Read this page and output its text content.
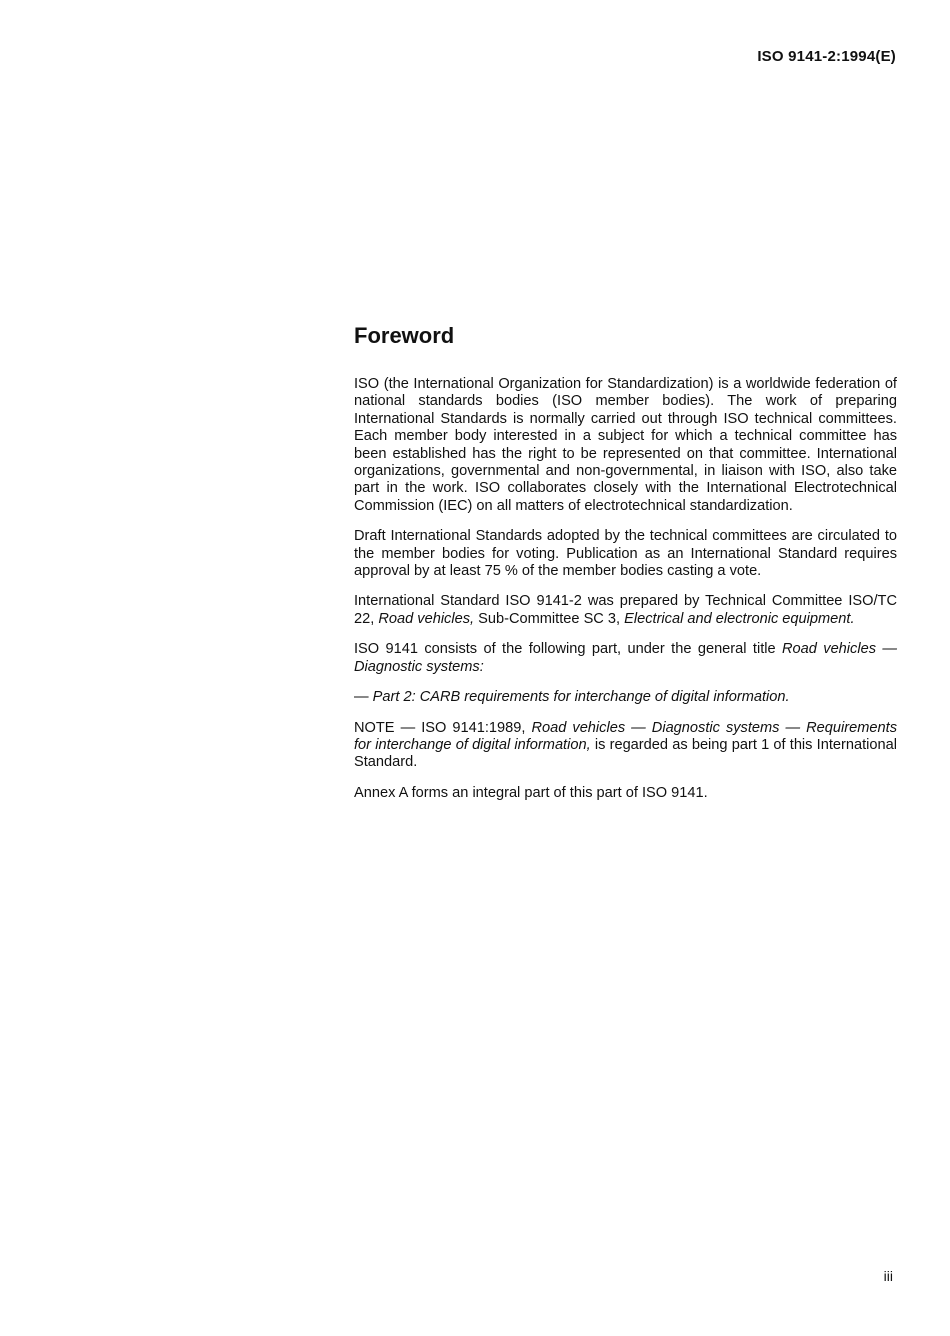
ISO 9141-2:1994(E)
Foreword

ISO (the International Organization for Standardization) is a worldwide federation of national standards bodies (ISO member bodies). The work of preparing International Standards is normally carried out through ISO technical committees. Each member body interested in a subject for which a technical committee has been established has the right to be represented on that committee. International organizations, governmental and non-governmental, in liaison with ISO, also take part in the work. ISO collaborates closely with the International Electrotechnical Commission (IEC) on all matters of electrotechnical standardization.

Draft International Standards adopted by the technical committees are circulated to the member bodies for voting. Publication as an International Standard requires approval by at least 75 % of the member bodies casting a vote.

International Standard ISO 9141-2 was prepared by Technical Committee ISO/TC 22, Road vehicles, Sub-Committee SC 3, Electrical and electronic equipment.

ISO 9141 consists of the following part, under the general title Road vehicles — Diagnostic systems:

— Part 2: CARB requirements for interchange of digital information.

NOTE — ISO 9141:1989, Road vehicles — Diagnostic systems — Requirements for interchange of digital information, is regarded as being part 1 of this International Standard.

Annex A forms an integral part of this part of ISO 9141.

iii
